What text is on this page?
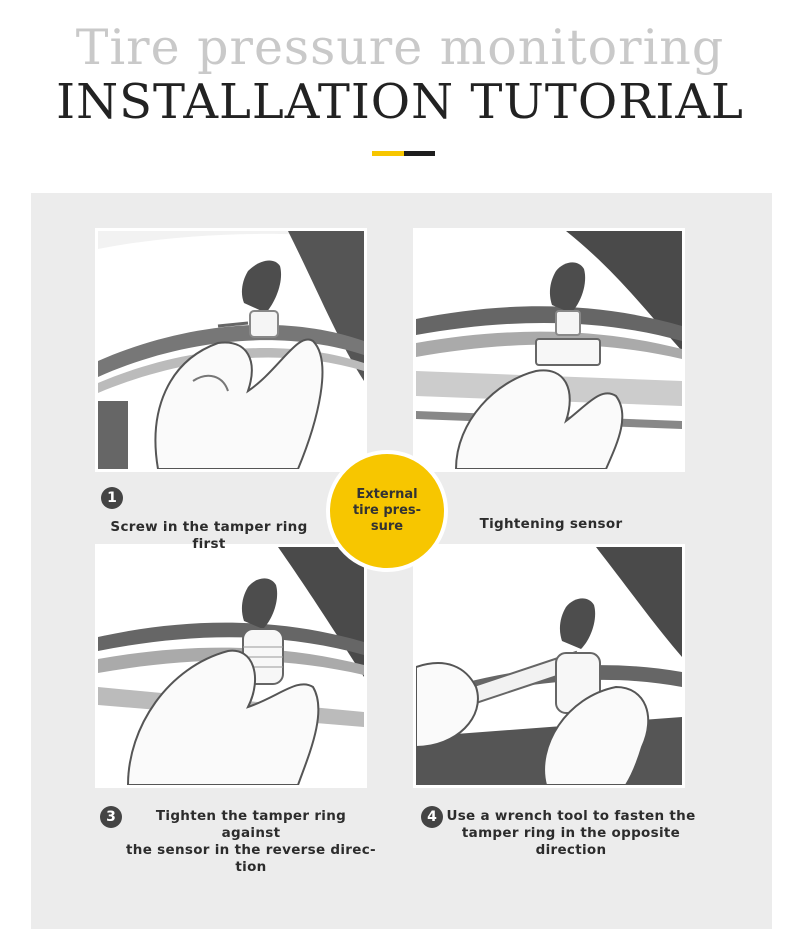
Tire pressure monitoring
INSTALLATION TUTORIAL
1
Screw in the tamper ring first
Tightening sensor
3	Tighten the tamper ring against
the sensor in the reverse direc-
tion
4 Use a wrench tool to fasten the
tamper ring in the opposite
direction
External
tire pres-
sure
